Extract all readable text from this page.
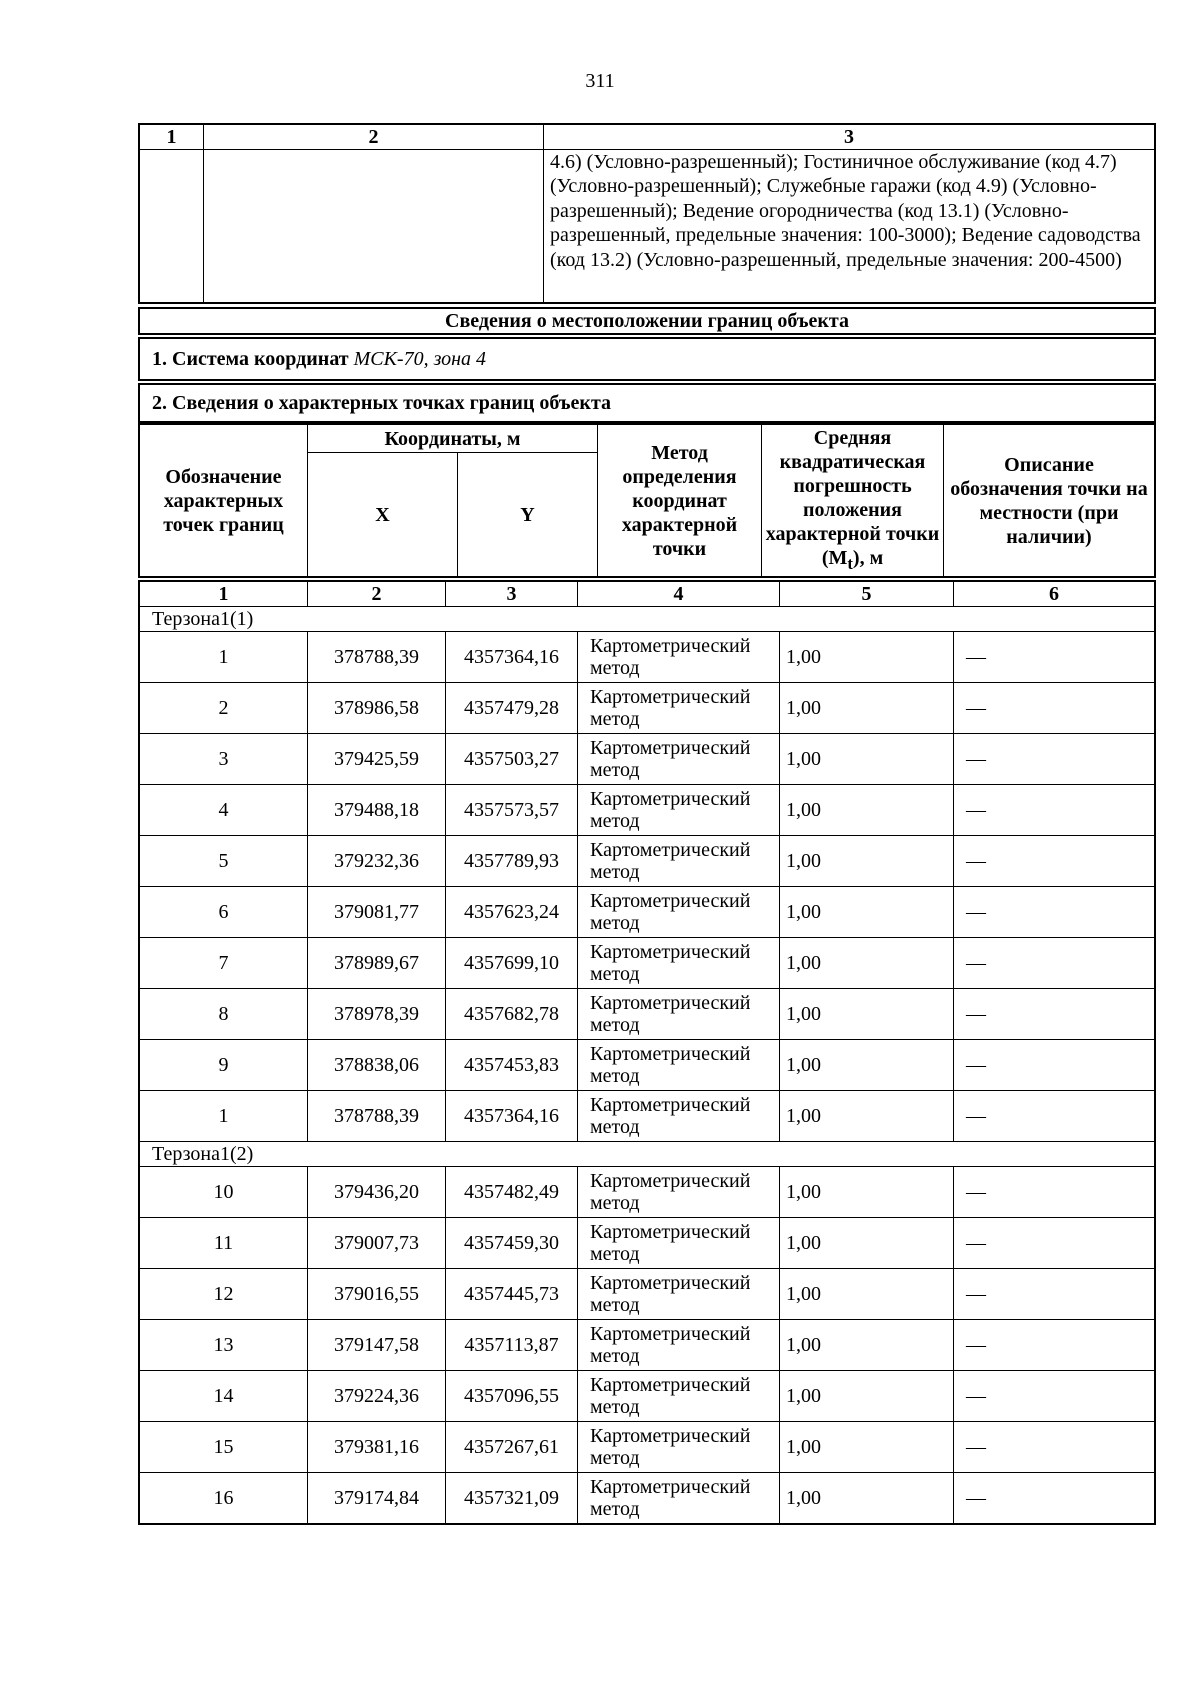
311
1	2	3
		4.6) (Условно-разрешенный); Гостиничное обслуживание (код 4.7) (Условно-разрешенный); Служебные гаражи (код 4.9) (Условно-разрешенный); Ведение огородничества (код 13.1) (Условно-разрешенный, предельные значения: 100-3000); Ведение садоводства (код 13.2) (Условно-разрешенный, предельные значения: 200-4500)
Сведения о местоположении границ объекта
1. Система координат МСК-70, зона 4
2. Сведения о характерных точках границ объекта
Обозначение характерных точек границ	Координаты, м		Метод определения координат характерной точки	Средняя квадратическая погрешность положения характерной точки $(M_t)$, м	Описание обозначения точки на местности (при наличии)
	X	Y			
1	2	3	4	5	6
Терзона1(1)					
1	378788,39	4357364,16	Картометрический метод	1,00	—
2	378986,58	4357479,28	Картометрический метод	1,00	—
3	379425,59	4357503,27	Картометрический метод	1,00	—
4	379488,18	4357573,57	Картометрический метод	1,00	—
5	379232,36	4357789,93	Картометрический метод	1,00	—
6	379081,77	4357623,24	Картометрический метод	1,00	—
7	378989,67	4357699,10	Картометрический метод	1,00	—
8	378978,39	4357682,78	Картометрический метод	1,00	—
9	378838,06	4357453,83	Картометрический метод	1,00	—
1	378788,39	4357364,16	Картометрический метод	1,00	—
Терзона1(2)					
10	379436,20	4357482,49	Картометрический метод	1,00	—
11	379007,73	4357459,30	Картометрический метод	1,00	—
12	379016,55	4357445,73	Картометрический метод	1,00	—
13	379147,58	4357113,87	Картометрический метод	1,00	—
14	379224,36	4357096,55	Картометрический метод	1,00	—
15	379381,16	4357267,61	Картометрический метод	1,00	—
16	379174,84	4357321,09	Картометрический метод	1,00	—
